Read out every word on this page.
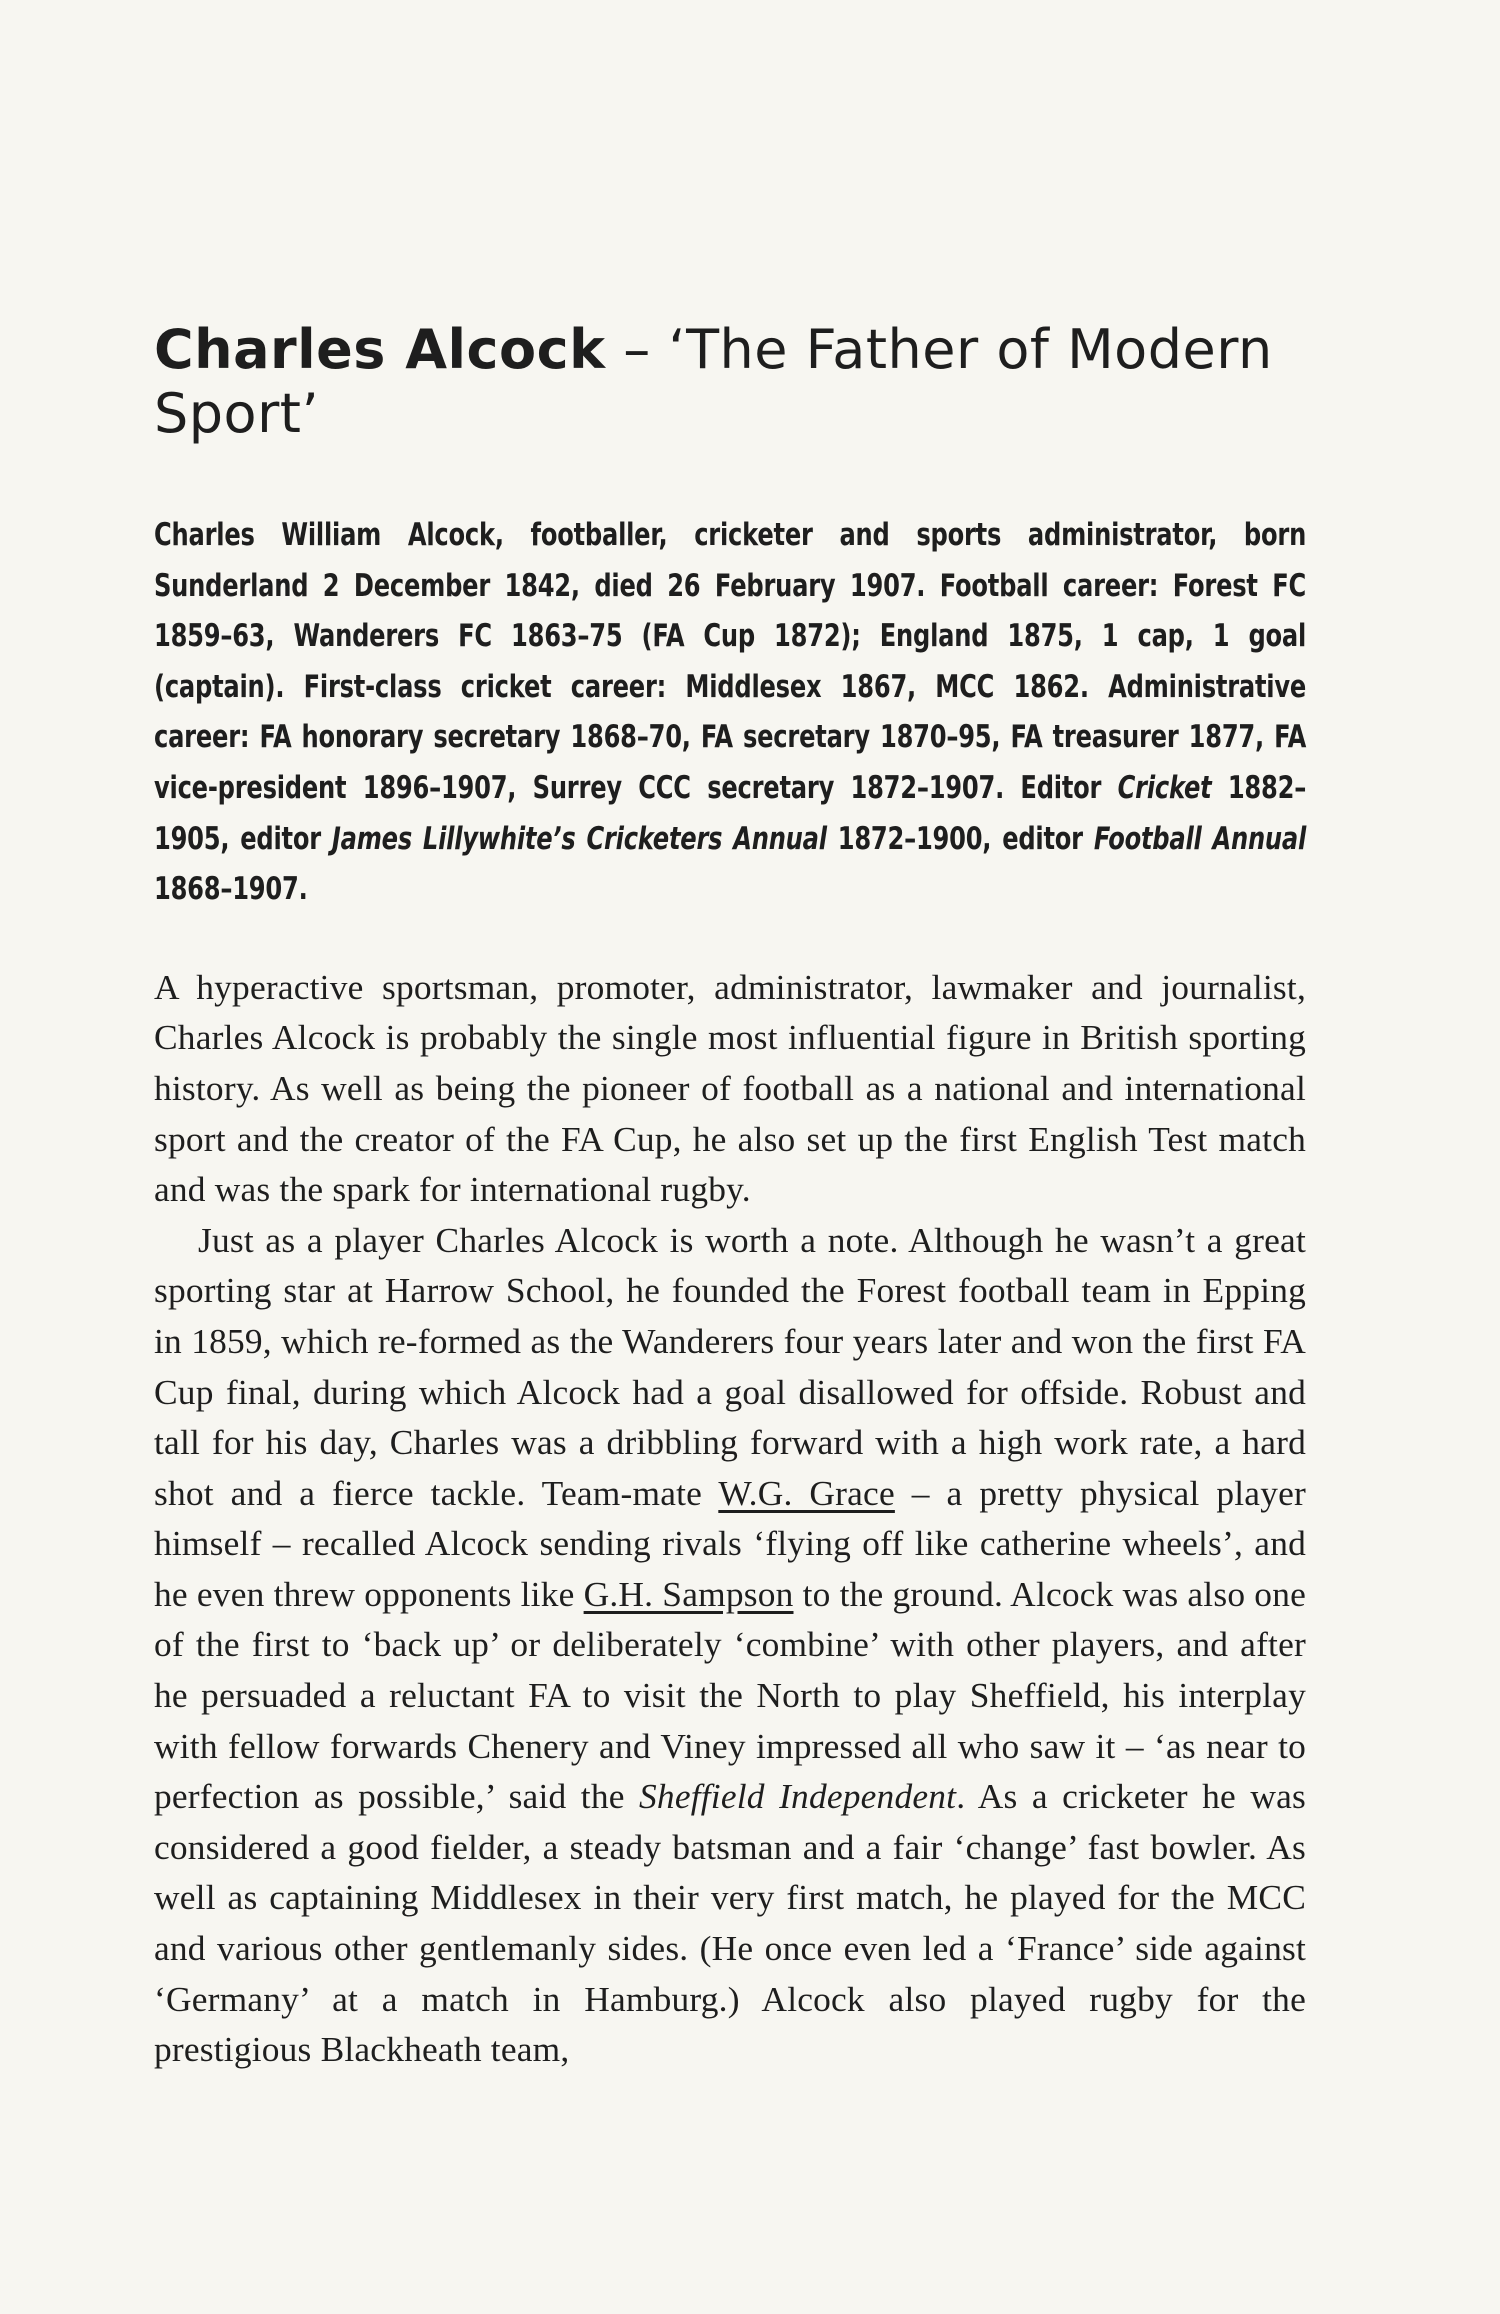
Charles Alcock – ‘The Father of Modern Sport’
Charles William Alcock, footballer, cricketer and sports administrator, born Sunderland 2 December 1842, died 26 February 1907. Football career: Forest FC 1859–63, Wanderers FC 1863–75 (FA Cup 1872); England 1875, 1 cap, 1 goal (captain). First-class cricket career: Middlesex 1867, MCC 1862. Administrative career: FA honorary secretary 1868–70, FA secretary 1870–95, FA treasurer 1877, FA vice-president 1896–1907, Surrey CCC secretary 1872–1907. Editor Cricket 1882–1905, editor James Lillywhite’s Cricketers Annual 1872–1900, editor Football Annual 1868–1907.

A hyperactive sportsman, promoter, administrator, lawmaker and journalist, Charles Alcock is probably the single most influential figure in British sporting history. As well as being the pioneer of football as a national and international sport and the creator of the FA Cup, he also set up the first English Test match and was the spark for international rugby.

Just as a player Charles Alcock is worth a note. Although he wasn’t a great sporting star at Harrow School, he founded the Forest football team in Epping in 1859, which re-formed as the Wanderers four years later and won the first FA Cup final, during which Alcock had a goal disallowed for offside. Robust and tall for his day, Charles was a dribbling forward with a high work rate, a hard shot and a fierce tackle. Team-mate W.G. Grace – a pretty physical player himself – recalled Alcock sending rivals ‘flying off like catherine wheels’, and he even threw opponents like G.H. Sampson to the ground. Alcock was also one of the first to ‘back up’ or deliberately ‘combine’ with other players, and after he persuaded a reluctant FA to visit the North to play Sheffield, his interplay with fellow forwards Chenery and Viney impressed all who saw it – ‘as near to perfection as possible,’ said the Sheffield Independent. As a cricketer he was considered a good fielder, a steady batsman and a fair ‘change’ fast bowler. As well as captaining Middlesex in their very first match, he played for the MCC and various other gentlemanly sides. (He once even led a ‘France’ side against ‘Germany’ at a match in Hamburg.) Alcock also played rugby for the prestigious Blackheath team,
